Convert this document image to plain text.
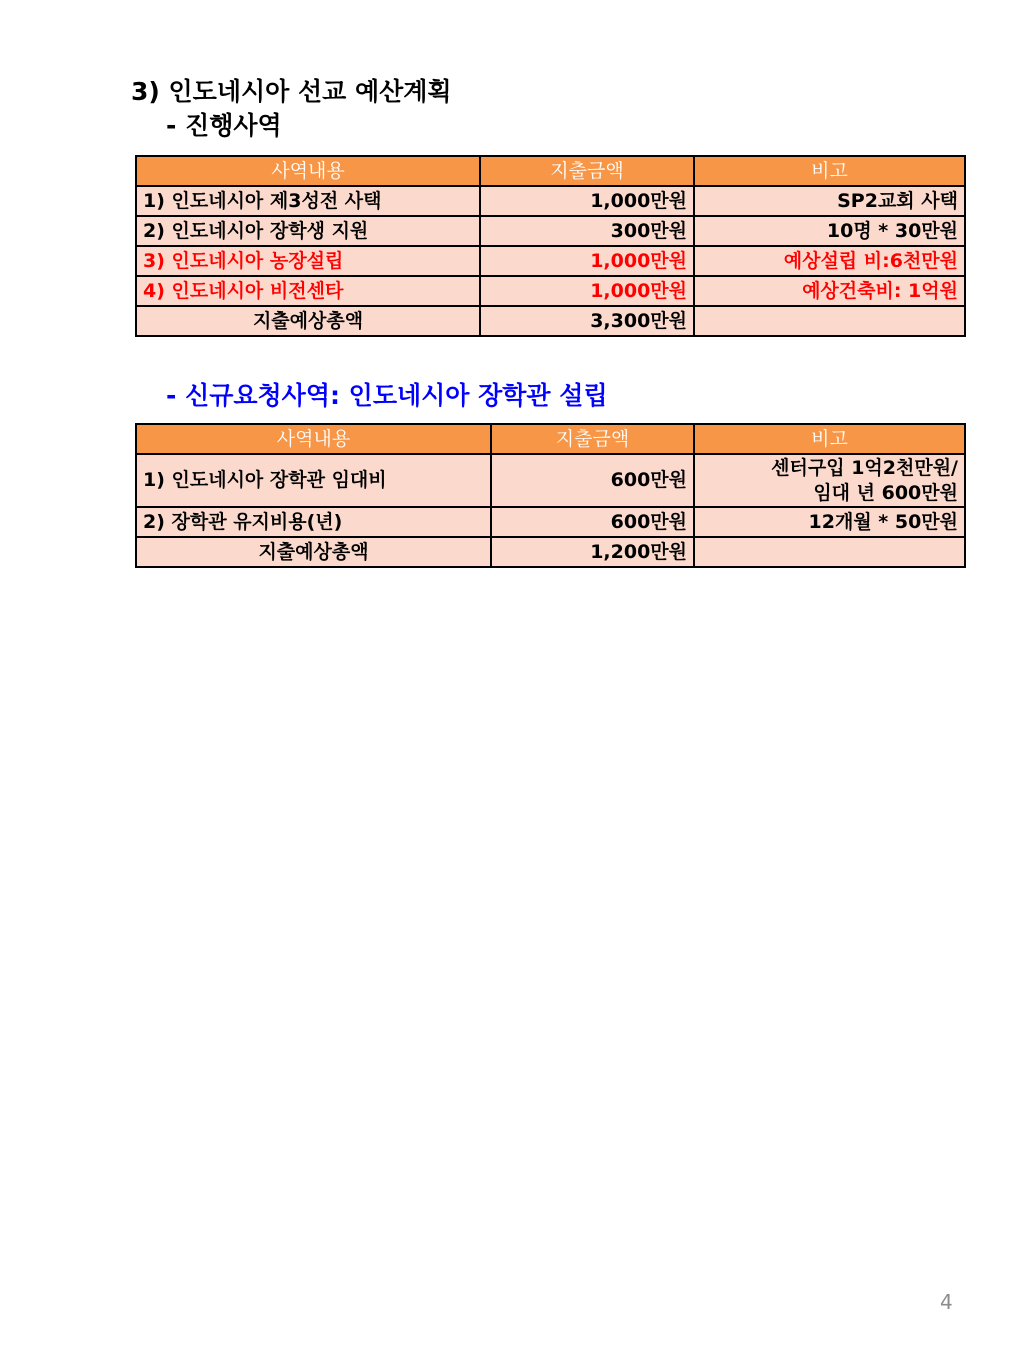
3) 인도네시아 선교 예산계획
- 진행사역
사역내용	지출금액	비고
1) 인도네시아 제3성전 사택	1,000만원	SP2교회 사택
2) 인도네시아 장학생 지원	300만원	10명 * 30만원
3) 인도네시아 농장설립	1,000만원	예상설립 비:6천만원
4) 인도네시아 비전센타	1,000만원	예상건축비: 1억원
지출예상총액	3,300만원	
- 신규요청사역: 인도네시아 장학관 설립
사역내용	지출금액	비고
1) 인도네시아 장학관 임대비	600만원	센터구입 1억2천만원/
임대 년 600만원

2) 장학관 유지비용(년)	600만원	12개월 * 50만원
지출예상총액	1,200만원	
4
